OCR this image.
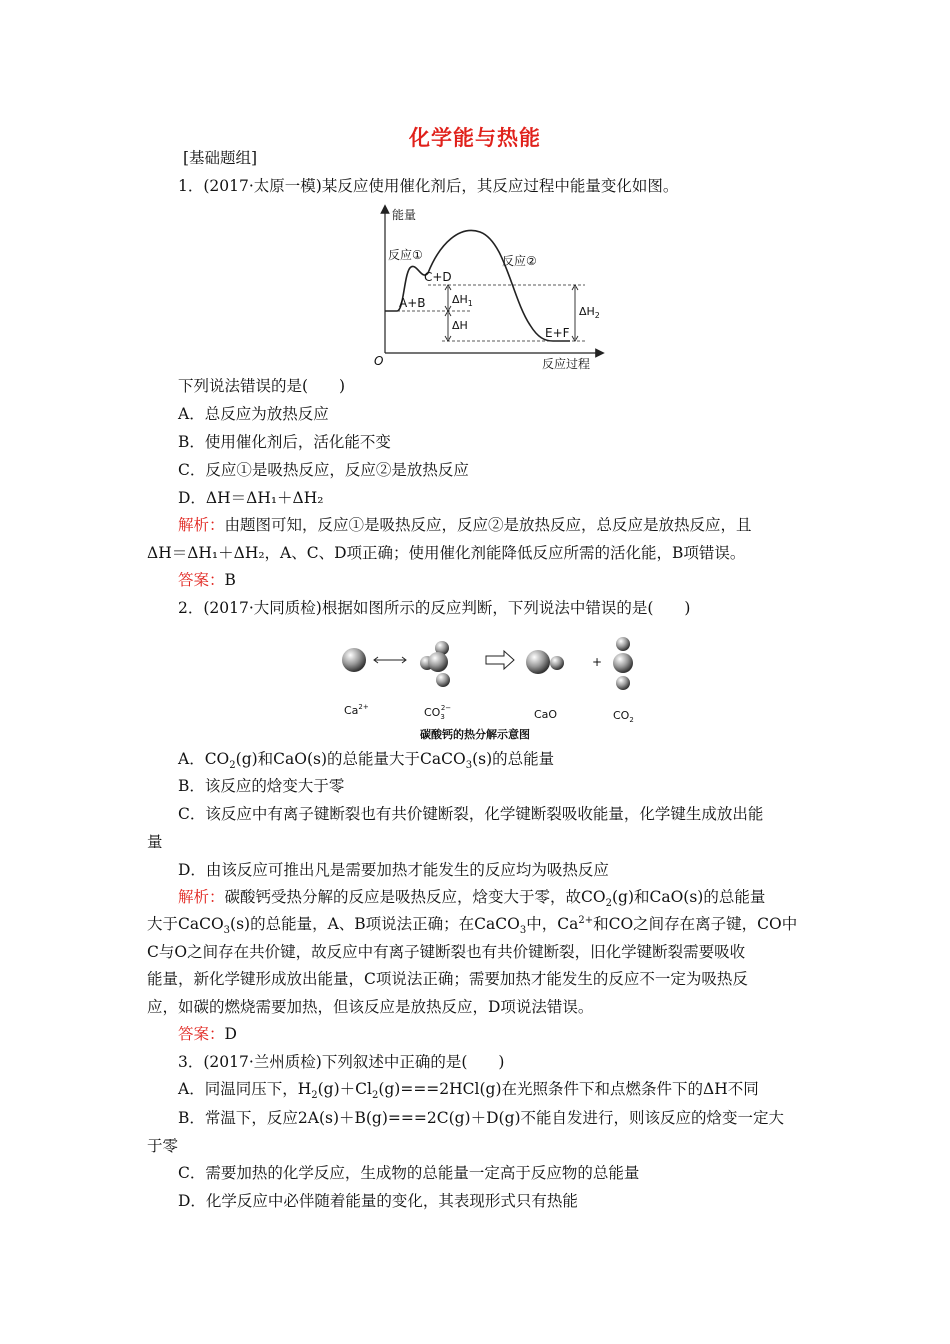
化学能与热能
[基础题组]
1．(2017·太原一模)某反应使用催化剂后，其反应过程中能量变化如图。
能量
反应过程
O
反应①	反应②
C+D
A+B
E+F
$\Delta H_1$
ΔH
$\Delta H_2$
下列说法错误的是(　　)
A．总反应为放热反应
B．使用催化剂后，活化能不变
C．反应①是吸热反应，反应②是放热反应
D．ΔH＝ΔH₁＋ΔH₂
解析：由题图可知，反应①是吸热反应，反应②是放热反应，总反应是放热反应，且
ΔH＝ΔH₁＋ΔH₂，A、C、D项正确；使用催化剂能降低反应所需的活化能，B项错误。
答案：B
2．(2017·大同质检)根据如图所示的反应判断，下列说法中错误的是(　　)
+
$Ca^{2+}$	$CO_32-$	CaO	$CO_2$
碳酸钙的热分解示意图
A．$CO_2(g)$和CaO(s)的总能量大于CaCO$_3$(s)的总能量
B．该反应的焓变大于零
C．该反应中有离子键断裂也有共价键断裂，化学键断裂吸收能量，化学键生成放出能
量
D．由该反应可推出凡是需要加热才能发生的反应均为吸热反应
解析：碳酸钙受热分解的反应是吸热反应，焓变大于零，故$CO_2(g)$和CaO(s)的总能量
大于CaCO$_3$(s)的总能量，A、B项说法正确；在CaCO$_3$中，$Ca^{2+}$和CO之间存在离子键，CO中
C与O之间存在共价键，故反应中有离子键断裂也有共价键断裂，旧化学键断裂需要吸收
能量，新化学键形成放出能量，C项说法正确；需要加热才能发生的反应不一定为吸热反
应，如碳的燃烧需要加热，但该反应是放热反应，D项说法错误。
答案：D
3．(2017·兰州质检)下列叙述中正确的是(　　)
A．同温同压下，$H_2(g)+Cl_2(g)===2HCl(g)$在光照条件下和点燃条件下的ΔH不同
B．常温下，反应2A(s)＋B(g)===2C(g)＋D(g)不能自发进行，则该反应的焓变一定大
于零
C．需要加热的化学反应，生成物的总能量一定高于反应物的总能量
D．化学反应中必伴随着能量的变化，其表现形式只有热能
